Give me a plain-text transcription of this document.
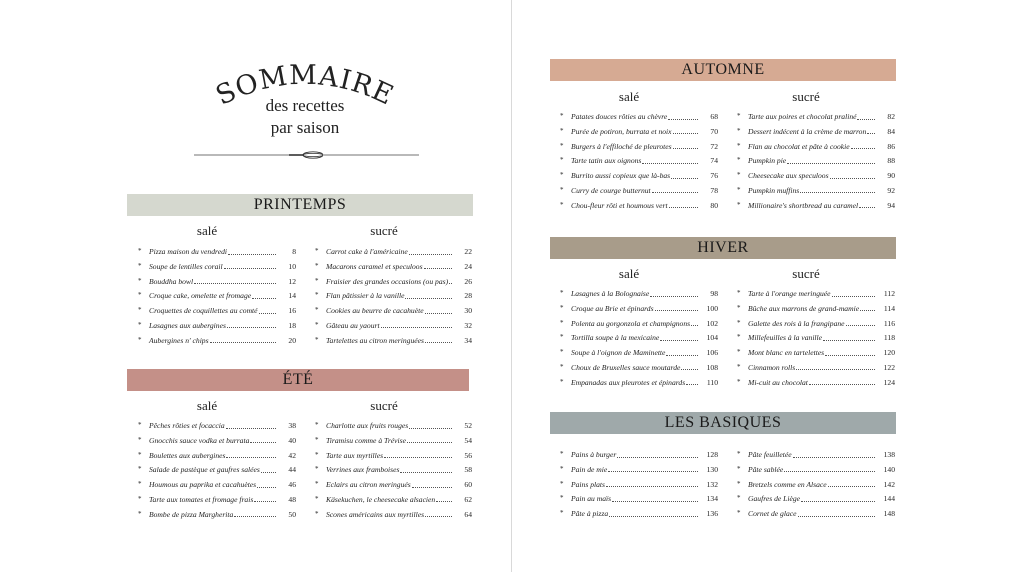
SOMMAIRE
des recettes
par saison
PRINTEMPS
salé	sucré
* Pizza maison du vendredi	8
* Soupe de lentilles corail	10
* Bouddha bowl	12
* Croque cake, omelette et fromage	14
* Croquettes de coquillettes au comté	16
* Lasagnes aux aubergines	18
* Aubergines n' chips	20
* Carrot cake à l'américaine	22
* Macarons caramel et speculoos	24
* Fraisier des grandes occasions (ou pas) 26
* Flan pâtissier à la vanille	28
* Cookies au beurre de cacahuète	30
* Gâteau au yaourt	32
* Tartelettes au citron meringuées	34
ÉTÉ
salé	sucré
* Pêches rôties et focaccia	38
* Gnocchis sauce vodka et burrata	40
* Boulettes aux aubergines	42
* Salade de pastèque et gaufres salées	44
* Houmous au paprika et cacahuètes	46
* Tarte aux tomates et fromage frais	48
* Bombe de pizza Margherita	50
* Charlotte aux fruits rouges	52
* Tiramisu comme à Trévise	54
* Tarte aux myrtilles	56
* Verrines aux framboises	58
* Eclairs au citron meringués	60
* Käsekuchen, le cheesecake alsacien	62
* Scones américains aux myrtilles	64
AUTOMNE
salé	sucré
* Patates douces rôties au chèvre	68
* Purée de potiron, burrata et noix	70
* Burgers à l'effiloché de pleurotes	72
* Tarte tatin aux oignons	74
* Burrito aussi copieux que là-bas	76
* Curry de courge butternut	78
* Chou-fleur rôti et houmous vert	80
* Tarte aux poires et chocolat praliné	82
* Dessert indécent à la crème de marron	84
* Flan au chocolat et pâte à cookie	86
* Pumpkin pie	88
* Cheesecake aux speculoos	90
* Pumpkin muffins	92
* Millionaire's shortbread au caramel	94
HIVER
salé	sucré
* Lasagnes à la Bolognaise	98
* Croque au Brie et épinards	100
* Polenta au gorgonzola et champignons 102
* Tortilla soupe à la mexicaine	104
* Soupe à l'oignon de Maminette	106
* Choux de Bruxelles sauce moutarde	108
* Empanadas aux pleurotes et épinards	110
* Tarte à l'orange meringuée	112
* Bûche aux marrons de grand-mamie	114
* Galette des rois à la frangipane	116
* Millefeuilles à la vanille	118
* Mont blanc en tartelettes	120
* Cinnamon rolls	122
* Mi-cuit au chocolat	124
LES BASIQUES
* Pains à burger	128
* Pain de mie	130
* Pains plats	132
* Pain au maïs	134
* Pâte à pizza	136
* Pâte feuilletée	138
* Pâte sablée	140
* Bretzels comme en Alsace	142
* Gaufres de Liège	144
* Cornet de glace	148
